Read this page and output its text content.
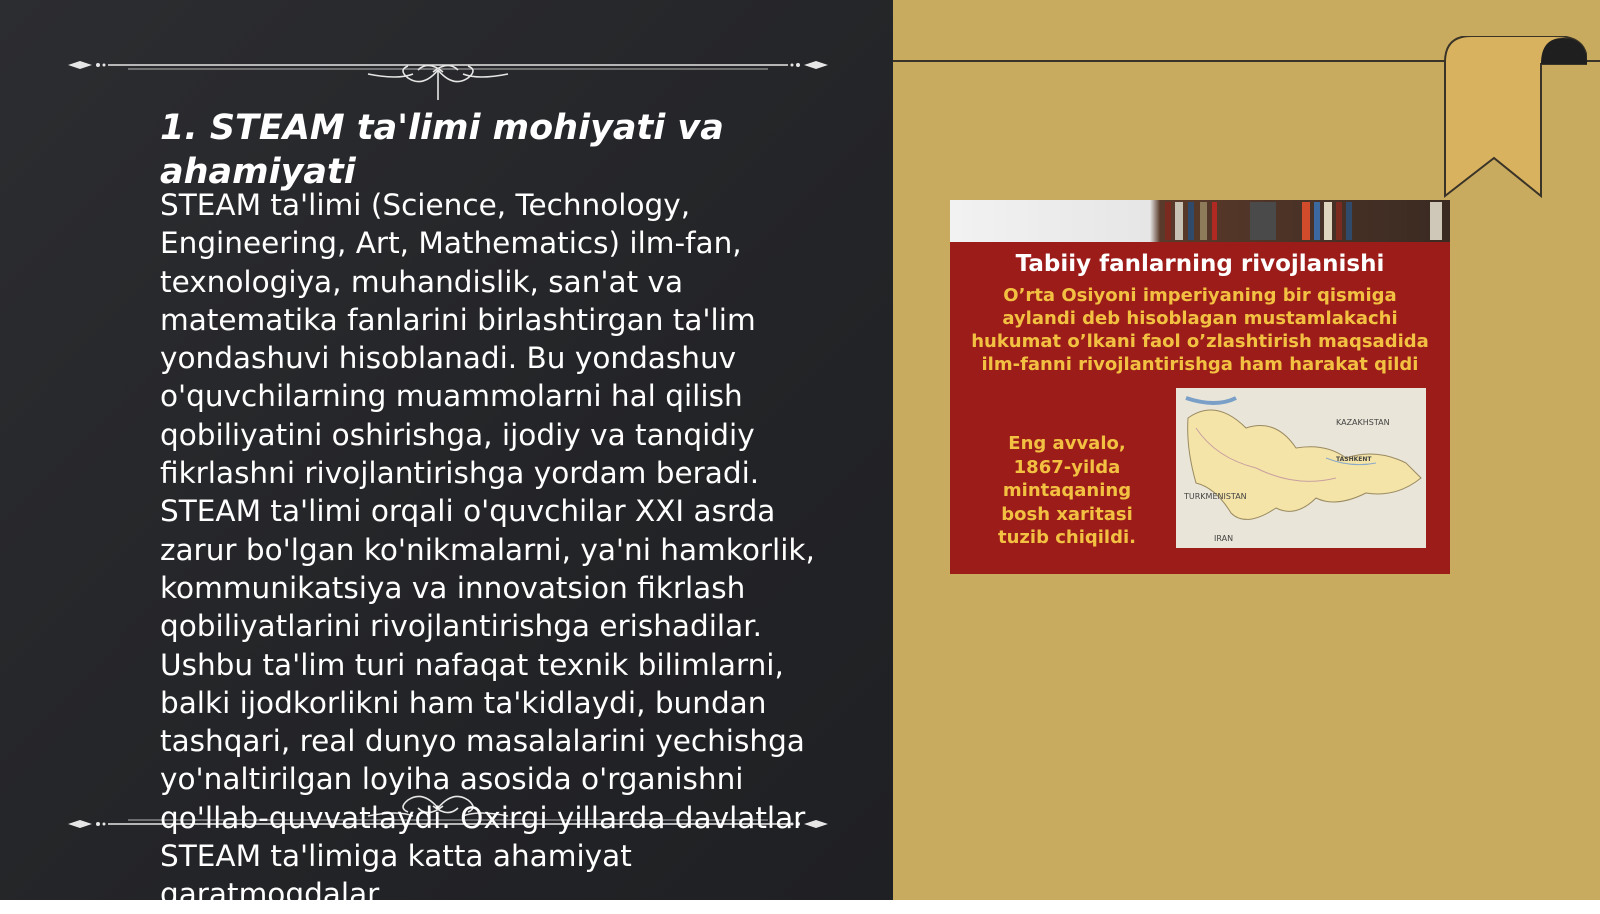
1. STEAM ta'limi mohiyati va ahamiyati

STEAM ta'limi (Science, Technology, Engineering, Art, Mathematics) ilm-fan, texnologiya, muhandislik, san'at va matematika fanlarini birlashtirgan ta'lim yondashuvi hisoblanadi. Bu yondashuv o'quvchilarning muammolarni hal qilish qobiliyatini oshirishga, ijodiy va tanqidiy fikrlashni rivojlantirishga yordam beradi. STEAM ta'limi orqali o'quvchilar XXI asrda zarur bo'lgan ko'nikmalarni, ya'ni hamkorlik, kommunikatsiya va innovatsion fikrlash qobiliyatlarini rivojlantirishga erishadilar. Ushbu ta'lim turi nafaqat texnik bilimlarni, balki ijodkorlikni ham ta'kidlaydi, bundan tashqari, real dunyo masalalarini yechishga yo'naltirilgan loyiha asosida o'rganishni qo'llab-quvvatlaydi. Oxirgi yillarda davlatlar STEAM ta'limiga katta ahamiyat qaratmoqdalar.

Tabiiy fanlarning rivojlanishi

O’rta Osiyoni imperiyaning bir qismiga aylandi deb hisoblagan mustamlakachi hukumat o’lkani faol o’zlashtirish maqsadida ilm-fanni rivojlantirishga ham harakat qildi

Eng avvalo, 1867-yilda mintaqaning bosh xaritasi tuzib chiqildi.

KAZAKHSTAN
TURKMENISTAN
TASHKENT
IRAN
